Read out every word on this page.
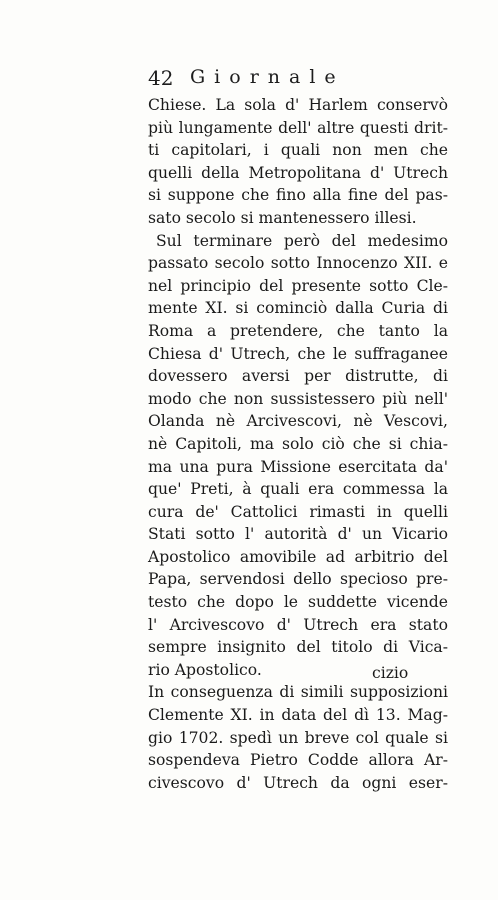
42 Giornale
Chiese. La sola d' Harlem conservò
più lungamente dell' altre questi drit-
ti capitolari, i quali non men che
quelli della Metropolitana d' Utrech
si suppone che fino alla fine del pas-
sato secolo si mantenessero illesi.
Sul terminare però del medesimo
passato secolo sotto Innocenzo XII. e
nel principio del presente sotto Cle-
mente XI. si cominciò dalla Curia di
Roma a pretendere, che tanto la
Chiesa d' Utrech, che le suffraganee
dovessero aversi per distrutte, di
modo che non sussistessero più nell'
Olanda nè Arcivescovi, nè Vescovi,
nè Capitoli, ma solo ciò che si chia-
ma una pura Missione esercitata da'
que' Preti, à quali era commessa la
cura de' Cattolici rimasti in quelli
Stati sotto l' autorità d' un Vicario
Apostolico amovibile ad arbitrio del
Papa, servendosi dello specioso pre-
testo che dopo le suddette vicende
l' Arcivescovo d' Utrech era stato
sempre insignito del titolo di Vica-
rio Apostolico.
In conseguenza di simili supposizioni
Clemente XI. in data del dì 13. Mag-
gio 1702. spedì un breve col quale si
sospendeva Pietro Codde allora Ar-
civescovo d' Utrech da ogni eser-
cizio
